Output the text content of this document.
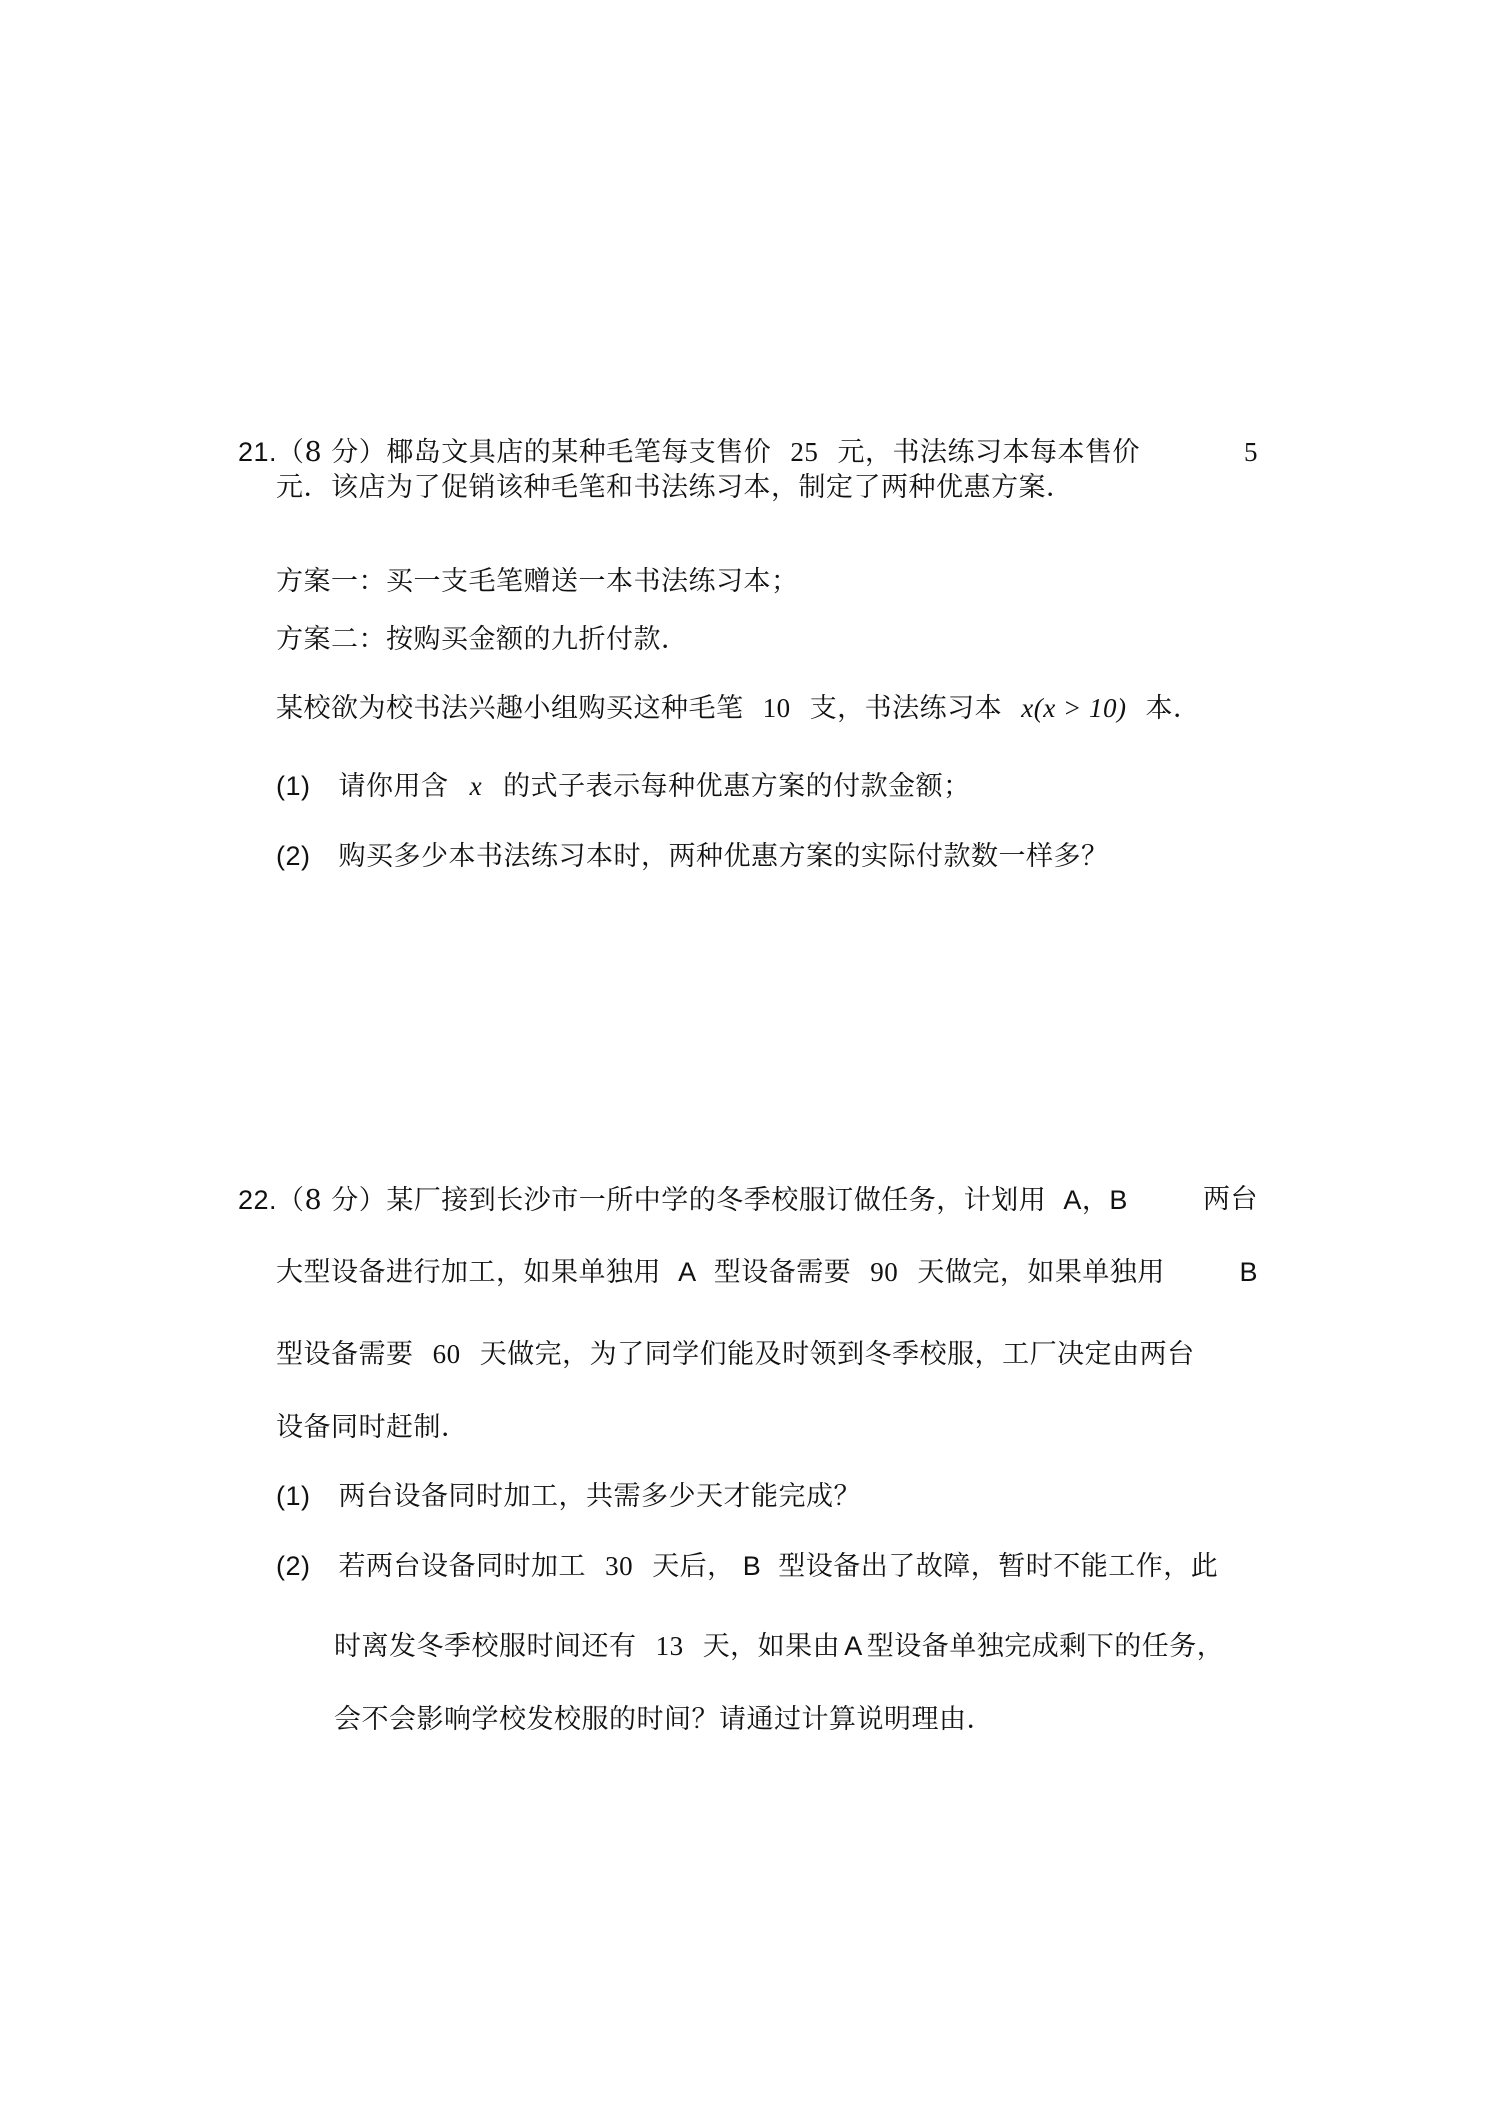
21.（8 分）椰岛文具店的某种毛笔每支售价 25 元，书法练习本每本售价	5
元．该店为了促销该种毛笔和书法练习本，制定了两种优惠方案．
方案一：买一支毛笔赠送一本书法练习本；
方案二：按购买金额的九折付款．
某校欲为校书法兴趣小组购买这种毛笔 10 支，书法练习本 x(x > 10) 本．
(1) 请你用含 x 的式子表示每种优惠方案的付款金额；
(2) 购买多少本书法练习本时，两种优惠方案的实际付款数一样多？
22.（8 分）某厂接到长沙市一所中学的冬季校服订做任务，计划用 A，B	两台
大型设备进行加工，如果单独用 A 型设备需要 90 天做完，如果单独用	B
型设备需要 60 天做完，为了同学们能及时领到冬季校服，工厂决定由两台
设备同时赶制．
(1) 两台设备同时加工，共需多少天才能完成？
(2) 若两台设备同时加工 30 天后， B 型设备出了故障，暂时不能工作，此
时离发冬季校服时间还有 13 天，如果由 A 型设备单独完成剩下的任务，
会不会影响学校发校服的时间？请通过计算说明理由．
